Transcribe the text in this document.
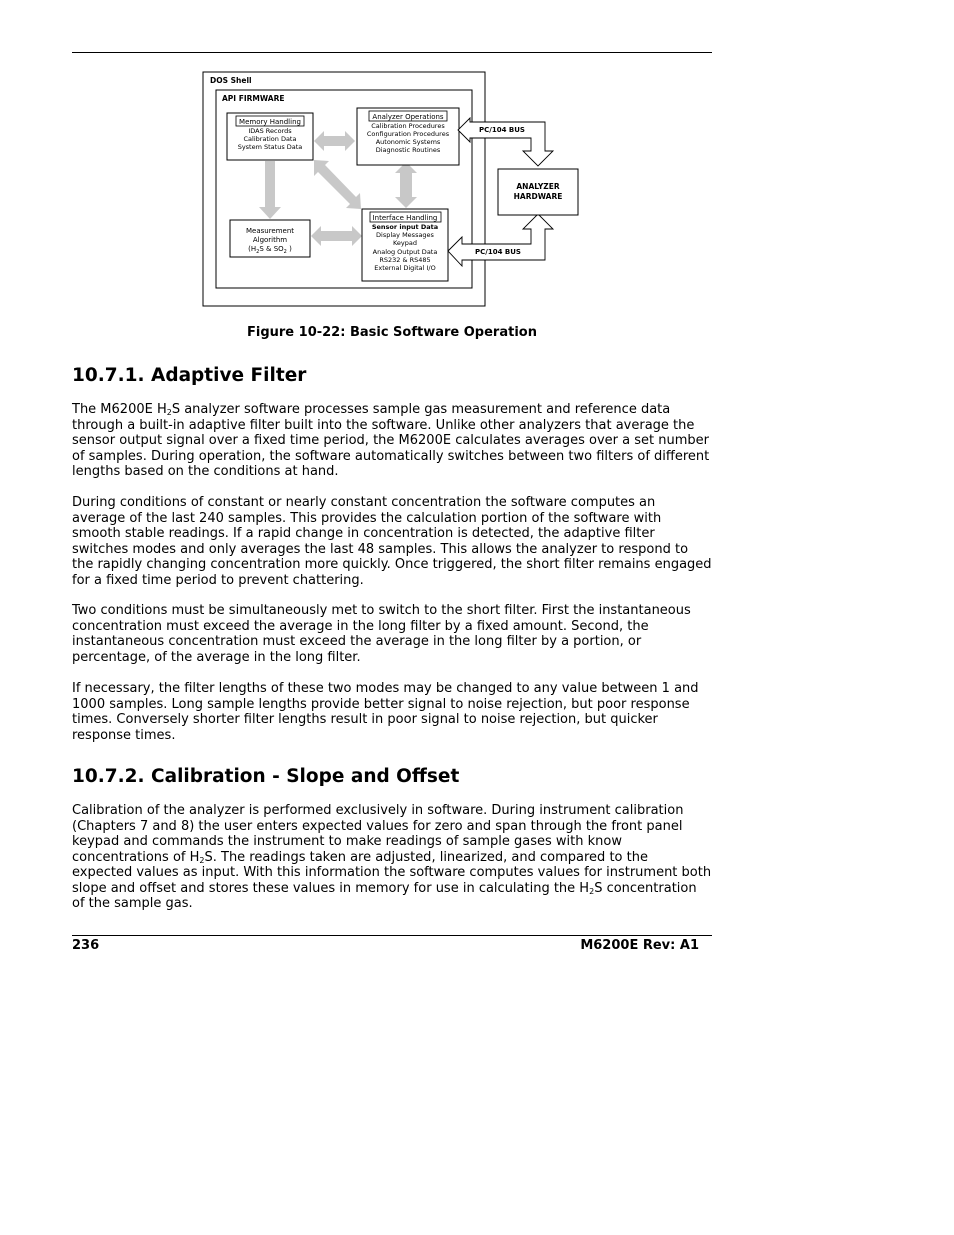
DOS Shell
API FIRMWARE
Memory Handling
IDAS Records
Calibration Data
System Status Data
Analyzer Operations
Calibration Procedures
Configuration Procedures
Autonomic Systems
Diagnostic Routines
Measurement
Algorithm
($H_2S$ & $SO_2$ )
Interface Handling
Sensor input Data
Display Messages
Keypad
Analog Output Data
RS232 & RS485
External Digital I/O
PC/104 BUS
PC/104 BUS
ANALYZER
HARDWARE
Figure 10-22: Basic Software Operation
10.7.1. Adaptive Filter

The M6200E $H_2S$ analyzer software processes sample gas measurement and reference data through a built-in adaptive filter built into the software. Unlike other analyzers that average the sensor output signal over a fixed time period, the M6200E calculates averages over a set number of samples. During operation, the software automatically switches between two filters of different lengths based on the conditions at hand.

During conditions of constant or nearly constant concentration the software computes an average of the last 240 samples. This provides the calculation portion of the software with smooth stable readings. If a rapid change in concentration is detected, the adaptive filter switches modes and only averages the last 48 samples. This allows the analyzer to respond to the rapidly changing concentration more quickly. Once triggered, the short filter remains engaged for a fixed time period to prevent chattering.

Two conditions must be simultaneously met to switch to the short filter. First the instantaneous concentration must exceed the average in the long filter by a fixed amount. Second, the instantaneous concentration must exceed the average in the long filter by a portion, or percentage, of the average in the long filter.

If necessary, the filter lengths of these two modes may be changed to any value between 1 and 1000 samples. Long sample lengths provide better signal to noise rejection, but poor response times. Conversely shorter filter lengths result in poor signal to noise rejection, but quicker response times.

10.7.2. Calibration - Slope and Offset

Calibration of the analyzer is performed exclusively in software. During instrument calibration (Chapters 7 and 8) the user enters expected values for zero and span through the front panel keypad and commands the instrument to make readings of sample gases with know concentrations of $H_2S$. The readings taken are adjusted, linearized, and compared to the expected values as input. With this information the software computes values for instrument both slope and offset and stores these values in memory for use in calculating the $H_2S$ concentration of the sample gas.

236	M6200E Rev: A1
